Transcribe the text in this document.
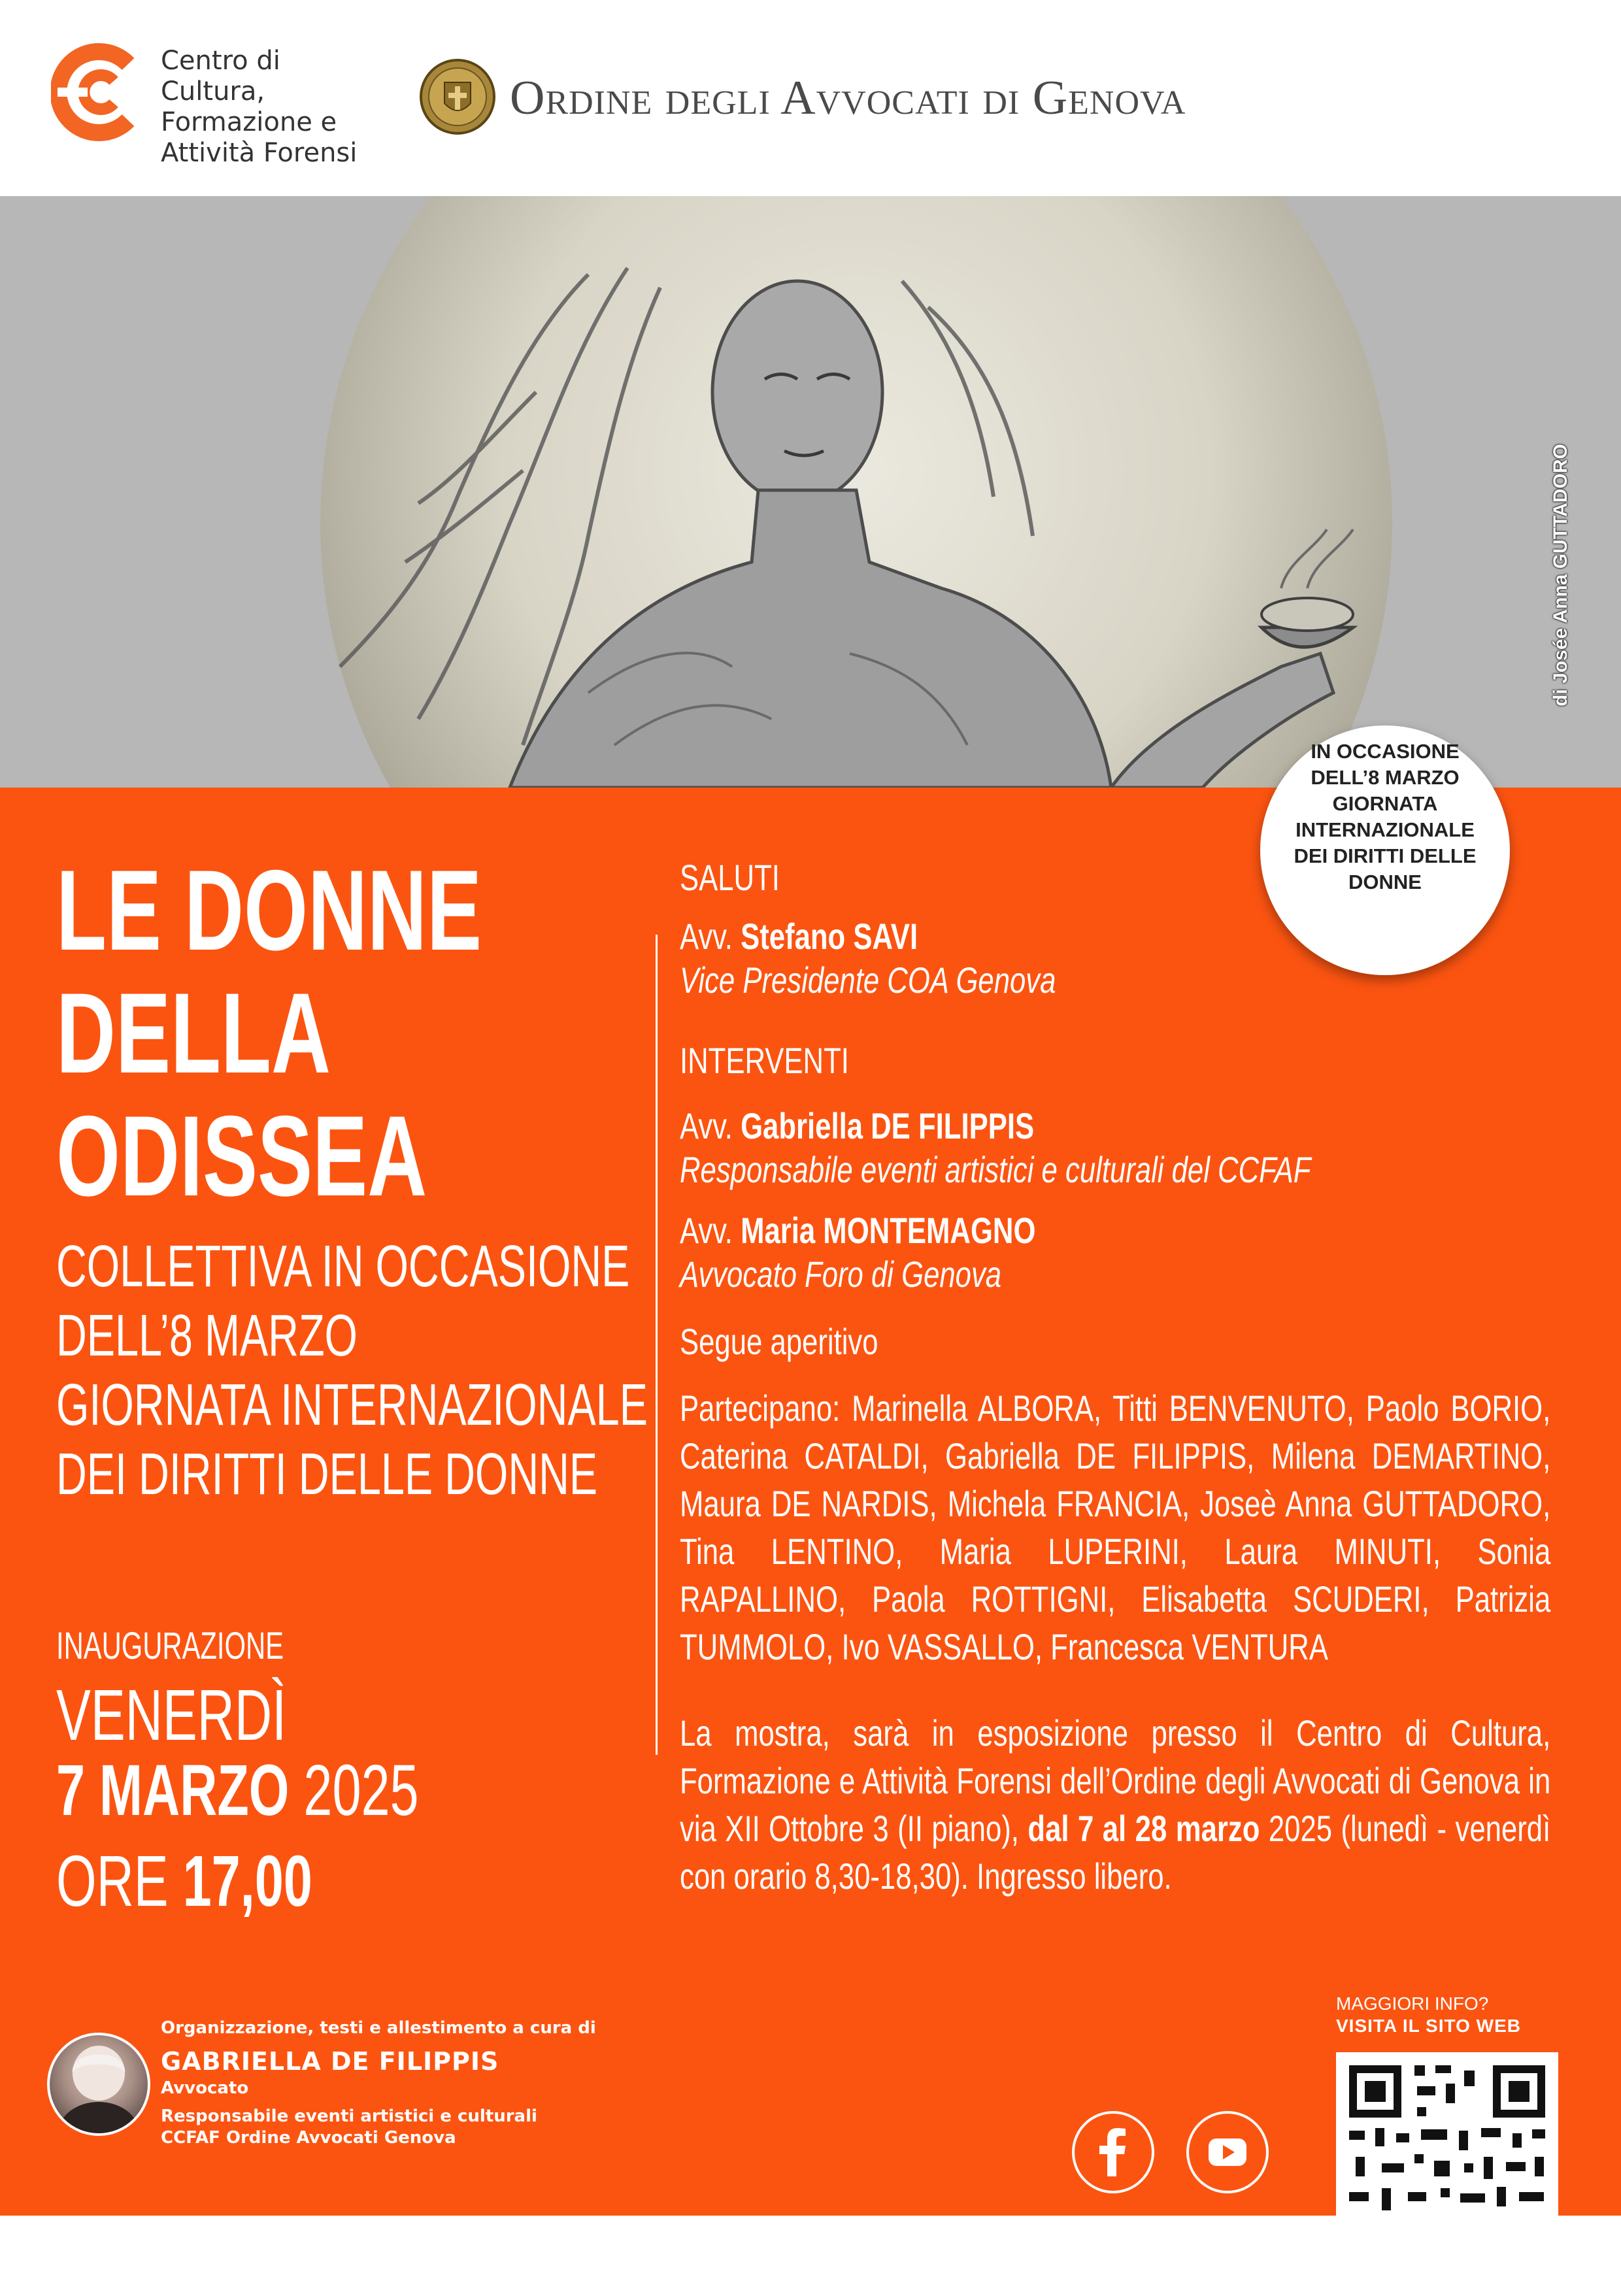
Centro di
Cultura,
Formazione e
Attività Forensi
Ordine degli Avvocati di Genova
di Josée Anna GUTTADORO
LE DONNE
DELLA
ODISSEA
COLLETTIVA IN OCCASIONE
DELL’8 MARZO
GIORNATA INTERNAZIONALE
DEI DIRITTI DELLE DONNE
INAUGURAZIONE
VENERDÌ
7 MARZO 2025
ORE 17,00
SALUTI
Avv. Stefano SAVI
Vice Presidente COA Genova
INTERVENTI
Avv. Gabriella DE FILIPPIS
Responsabile eventi artistici e culturali del CCFAF
Avv. Maria MONTEMAGNO
Avvocato Foro di Genova
Segue aperitivo
Partecipano: Marinella ALBORA, Titti BENVENUTO, Paolo BORIO, Caterina CATALDI, Gabriella DE FILIPPIS, Milena DEMARTINO, Maura DE NARDIS, Michela FRANCIA, Joseè Anna GUTTADORO, Tina LENTINO, Maria LUPERINI, Laura MINUTI, Sonia RAPALLINO, Paola ROTTIGNI, Elisabetta SCUDERI, Patrizia TUMMOLO, Ivo VASSALLO, Francesca VENTURA
La mostra, sarà in esposizione presso il Centro di Cultura, Formazione e Attività Forensi dell’Ordine degli Avvocati di Genova in via XII Ottobre 3 (II piano), dal 7 al 28 marzo 2025 (lunedì - venerdì con orario 8,30-18,30). Ingresso libero.
IN OCCASIONE
DELL’8 MARZO
GIORNATA
INTERNAZIONALE
DEI DIRITTI DELLE
DONNE
Organizzazione, testi e allestimento a cura di
GABRIELLA DE FILIPPIS
Avvocato
Responsabile eventi artistici e culturali
CCFAF Ordine Avvocati Genova
MAGGIORI INFO?
VISITA IL SITO WEB
